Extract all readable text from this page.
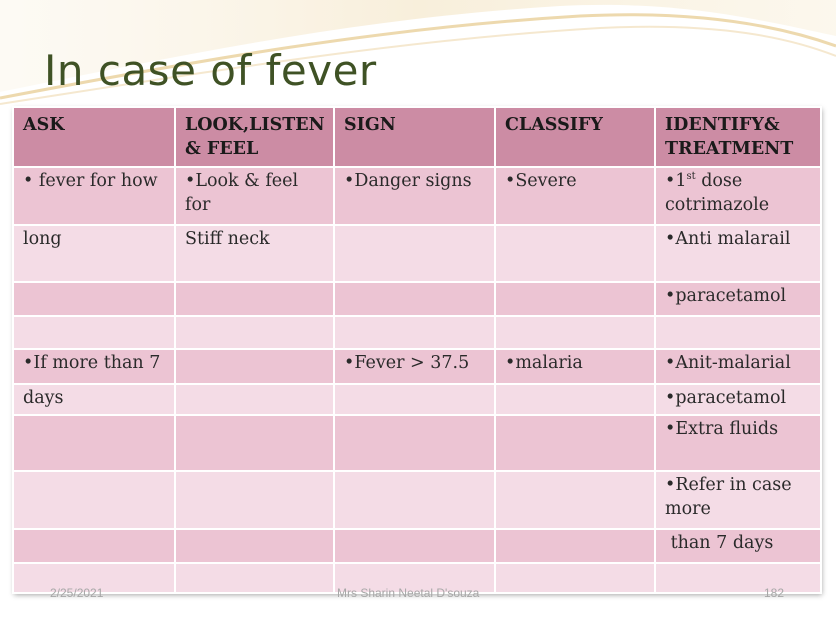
In case of fever
ASK	LOOK,LISTEN & FEEL	SIGN	CLASSIFY	IDENTIFY& TREATMENT
• fever for how	•Look & feel for	•Danger signs	•Severe	•1st dose cotrimazole
long	Stiff neck			•Anti malarail
				•paracetamol

•If more than 7		•Fever > 37.5	•malaria	•Anit-malarial
days				•paracetamol
				•Extra fluids
				•Refer in case more
				than 7 days

2/25/2021	Mrs Sharin Neetal D'souza	182
